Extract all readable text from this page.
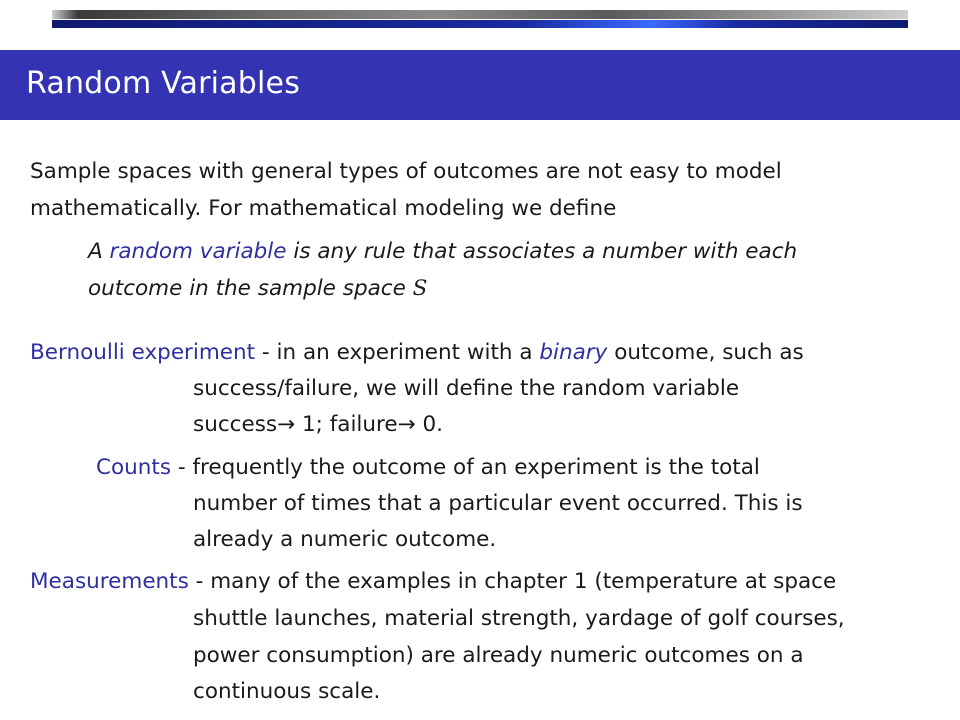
Random Variables
Sample spaces with general types of outcomes are not easy to model
mathematically. For mathematical modeling we define
A random variable is any rule that associates a number with each
outcome in the sample space S
Bernoulli experiment - in an experiment with a binary outcome, such as
success/failure, we will define the random variable
success→ 1; failure→ 0.
Counts - frequently the outcome of an experiment is the total
number of times that a particular event occurred. This is
already a numeric outcome.
Measurements - many of the examples in chapter 1 (temperature at space
shuttle launches, material strength, yardage of golf courses,
power consumption) are already numeric outcomes on a
continuous scale.
